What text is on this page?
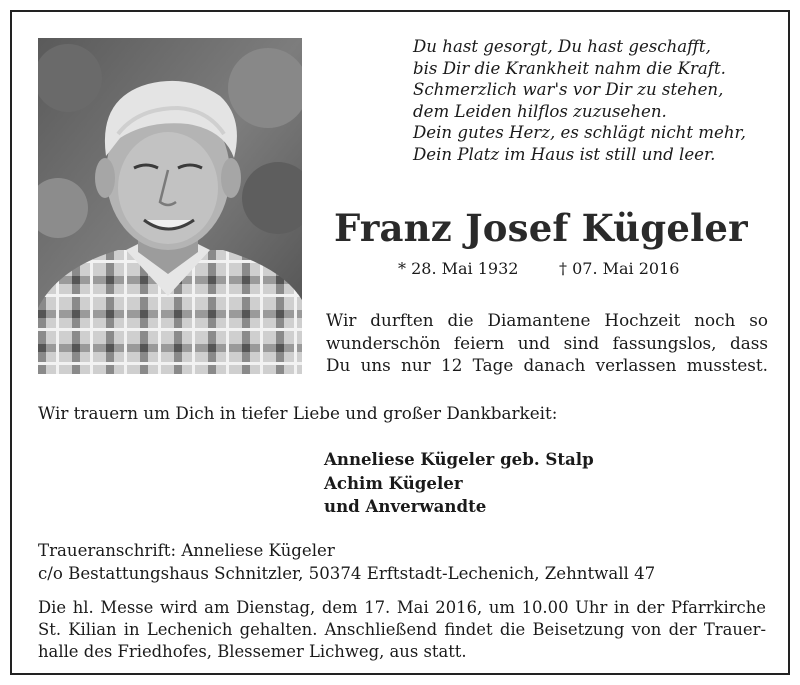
Du hast gesorgt, Du hast geschafft,
bis Dir die Krankheit nahm die Kraft.
Schmerzlich war's vor Dir zu stehen,
dem Leiden hilflos zuzusehen.
Dein gutes Herz, es schlägt nicht mehr,
Dein Platz im Haus ist still und leer.
Franz Josef Kügeler
* 28. Mai 1932	† 07. Mai 2016
Wir durften die Diamantene Hochzeit noch so
wunderschön feiern und sind fassungslos, dass
Du uns nur 12 Tage danach verlassen musstest.
Wir trauern um Dich in tiefer Liebe und großer Dankbarkeit:
Anneliese Kügeler geb. Stalp
Achim Kügeler
und Anverwandte
Traueranschrift: Anneliese Kügeler
c/o Bestattungshaus Schnitzler, 50374 Erftstadt-Lechenich, Zehntwall 47
Die hl. Messe wird am Dienstag, dem 17. Mai 2016, um 10.00 Uhr in der Pfarrkirche
St. Kilian in Lechenich gehalten. Anschließend findet die Beisetzung von der Trauer-
halle des Friedhofes, Blessemer Lichweg, aus statt.
